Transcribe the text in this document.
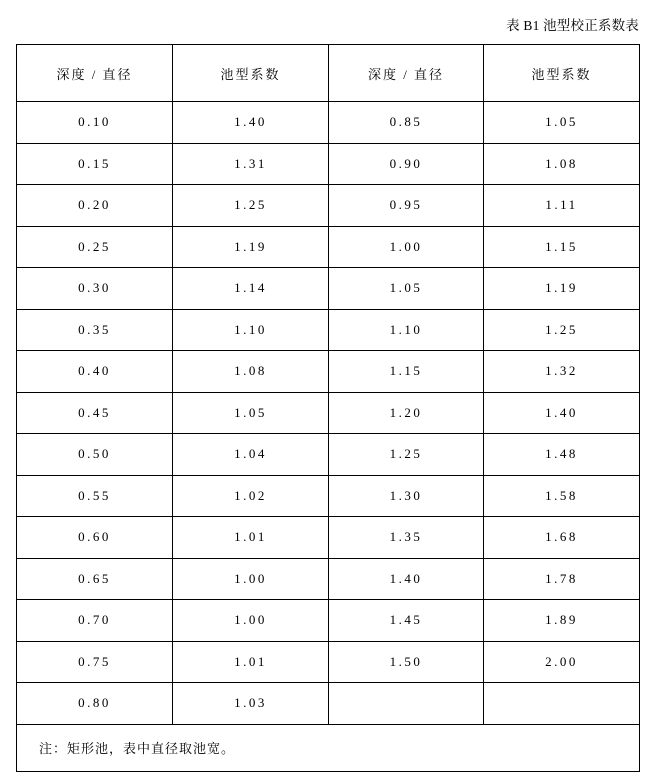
表 B1 池型校正系数表
深度 / 直径	池型系数	深度 / 直径	池型系数
0.10	1.40	0.85	1.05
0.15	1.31	0.90	1.08
0.20	1.25	0.95	1.11
0.25	1.19	1.00	1.15
0.30	1.14	1.05	1.19
0.35	1.10	1.10	1.25
0.40	1.08	1.15	1.32
0.45	1.05	1.20	1.40
0.50	1.04	1.25	1.48
0.55	1.02	1.30	1.58
0.60	1.01	1.35	1.68
0.65	1.00	1.40	1.78
0.70	1.00	1.45	1.89
0.75	1.01	1.50	2.00
0.80	1.03		
注：矩形池，表中直径取池宽。			
